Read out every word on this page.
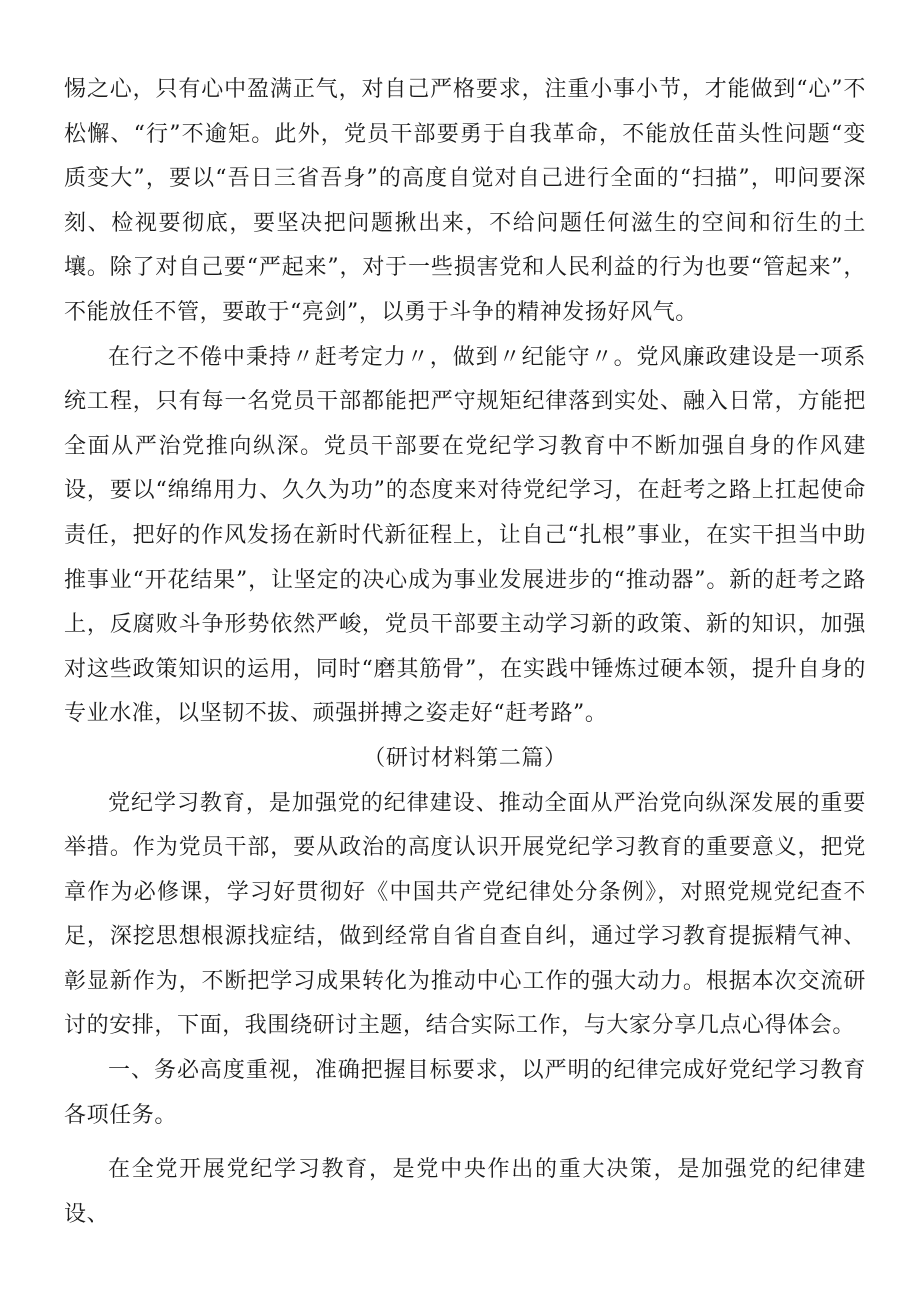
惕之心，只有心中盈满正气，对自己严格要求，注重小事小节，才能做到“心”不松懈、“行”不逾矩。此外，党员干部要勇于自我革命，不能放任苗头性问题“变质变大”，要以“吾日三省吾身”的高度自觉对自己进行全面的“扫描”，叩问要深刻、检视要彻底，要坚决把问题揪出来，不给问题任何滋生的空间和衍生的土壤。除了对自己要“严起来”，对于一些损害党和人民利益的行为也要“管起来”，不能放任不管，要敢于“亮剑”，以勇于斗争的精神发扬好风气。

在行之不倦中秉持〃赶考定力〃，做到〃纪能守〃。党风廉政建设是一项系统工程，只有每一名党员干部都能把严守规矩纪律落到实处、融入日常，方能把全面从严治党推向纵深。党员干部要在党纪学习教育中不断加强自身的作风建设，要以“绵绵用力、久久为功”的态度来对待党纪学习，在赶考之路上扛起使命责任，把好的作风发扬在新时代新征程上，让自己“扎根”事业，在实干担当中助推事业“开花结果”，让坚定的决心成为事业发展进步的“推动器”。新的赶考之路上，反腐败斗争形势依然严峻，党员干部要主动学习新的政策、新的知识，加强对这些政策知识的运用，同时“磨其筋骨”，在实践中锤炼过硬本领，提升自身的专业水准，以坚韧不拔、顽强拼搏之姿走好“赶考路”。

（研讨材料第二篇）

党纪学习教育，是加强党的纪律建设、推动全面从严治党向纵深发展的重要举措。作为党员干部，要从政治的高度认识开展党纪学习教育的重要意义，把党章作为必修课，学习好贯彻好《中国共产党纪律处分条例》，对照党规党纪查不足，深挖思想根源找症结，做到经常自省自查自纠，通过学习教育提振精气神、彰显新作为，不断把学习成果转化为推动中心工作的强大动力。根据本次交流研讨的安排，下面，我围绕研讨主题，结合实际工作，与大家分享几点心得体会。

一、务必高度重视，准确把握目标要求，以严明的纪律完成好党纪学习教育各项任务。

在全党开展党纪学习教育，是党中央作出的重大决策，是加强党的纪律建设、
